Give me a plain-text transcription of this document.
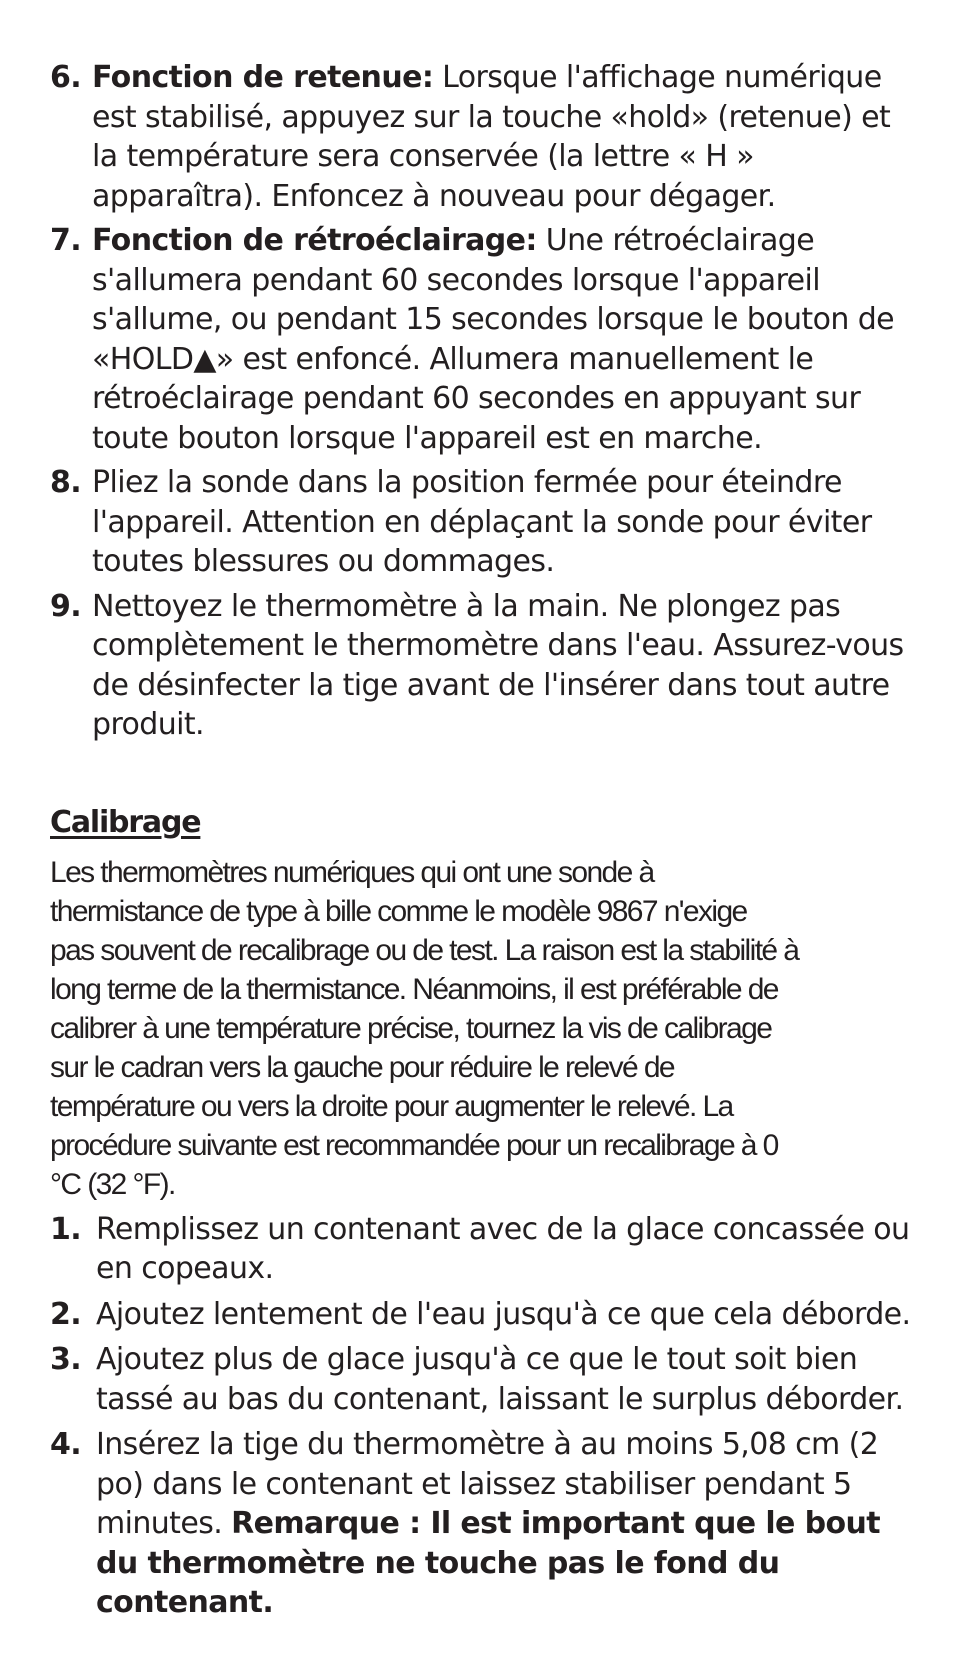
6. Fonction de retenue: Lorsque l'affichage numérique est stabilisé, appuyez sur la touche «hold» (retenue) et la température sera conservée (la lettre « H » apparaîtra). Enfoncez à nouveau pour dégager.
7. Fonction de rétroéclairage: Une rétroéclairage s'allumera pendant 60 secondes lorsque l'appareil s'allume, ou pendant 15 secondes lorsque le bouton de «HOLD▲» est enfoncé. Allumera manuellement le rétroéclairage pendant 60 secondes en appuyant sur toute bouton lorsque l'appareil est en marche.
8. Pliez la sonde dans la position fermée pour éteindre l'appareil. Attention en déplaçant la sonde pour éviter toutes blessures ou dommages.
9. Nettoyez le thermomètre à la main. Ne plongez pas complètement le thermomètre dans l'eau. Assurez-vous de désinfecter la tige avant de l'insérer dans tout autre produit.
Calibrage
Les thermomètres numériques qui ont une sonde à
thermistance de type à bille comme le modèle 9867 n'exige
pas souvent de recalibrage ou de test. La raison est la stabilité à
long terme de la thermistance. Néanmoins, il est préférable de
calibrer à une température précise, tournez la vis de calibrage
sur le cadran vers la gauche pour réduire le relevé de
température ou vers la droite pour augmenter le relevé. La
procédure suivante est recommandée pour un recalibrage à 0
°C (32 °F).
1. Remplissez un contenant avec de la glace concassée ou en copeaux.
2. Ajoutez lentement de l'eau jusqu'à ce que cela déborde.
3. Ajoutez plus de glace jusqu'à ce que le tout soit bien tassé au bas du contenant, laissant le surplus déborder.
4. Insérez la tige du thermomètre à au moins 5,08 cm (2 po) dans le contenant et laissez stabiliser pendant 5 minutes. Remarque : Il est important que le bout du thermomètre ne touche pas le fond du contenant.
